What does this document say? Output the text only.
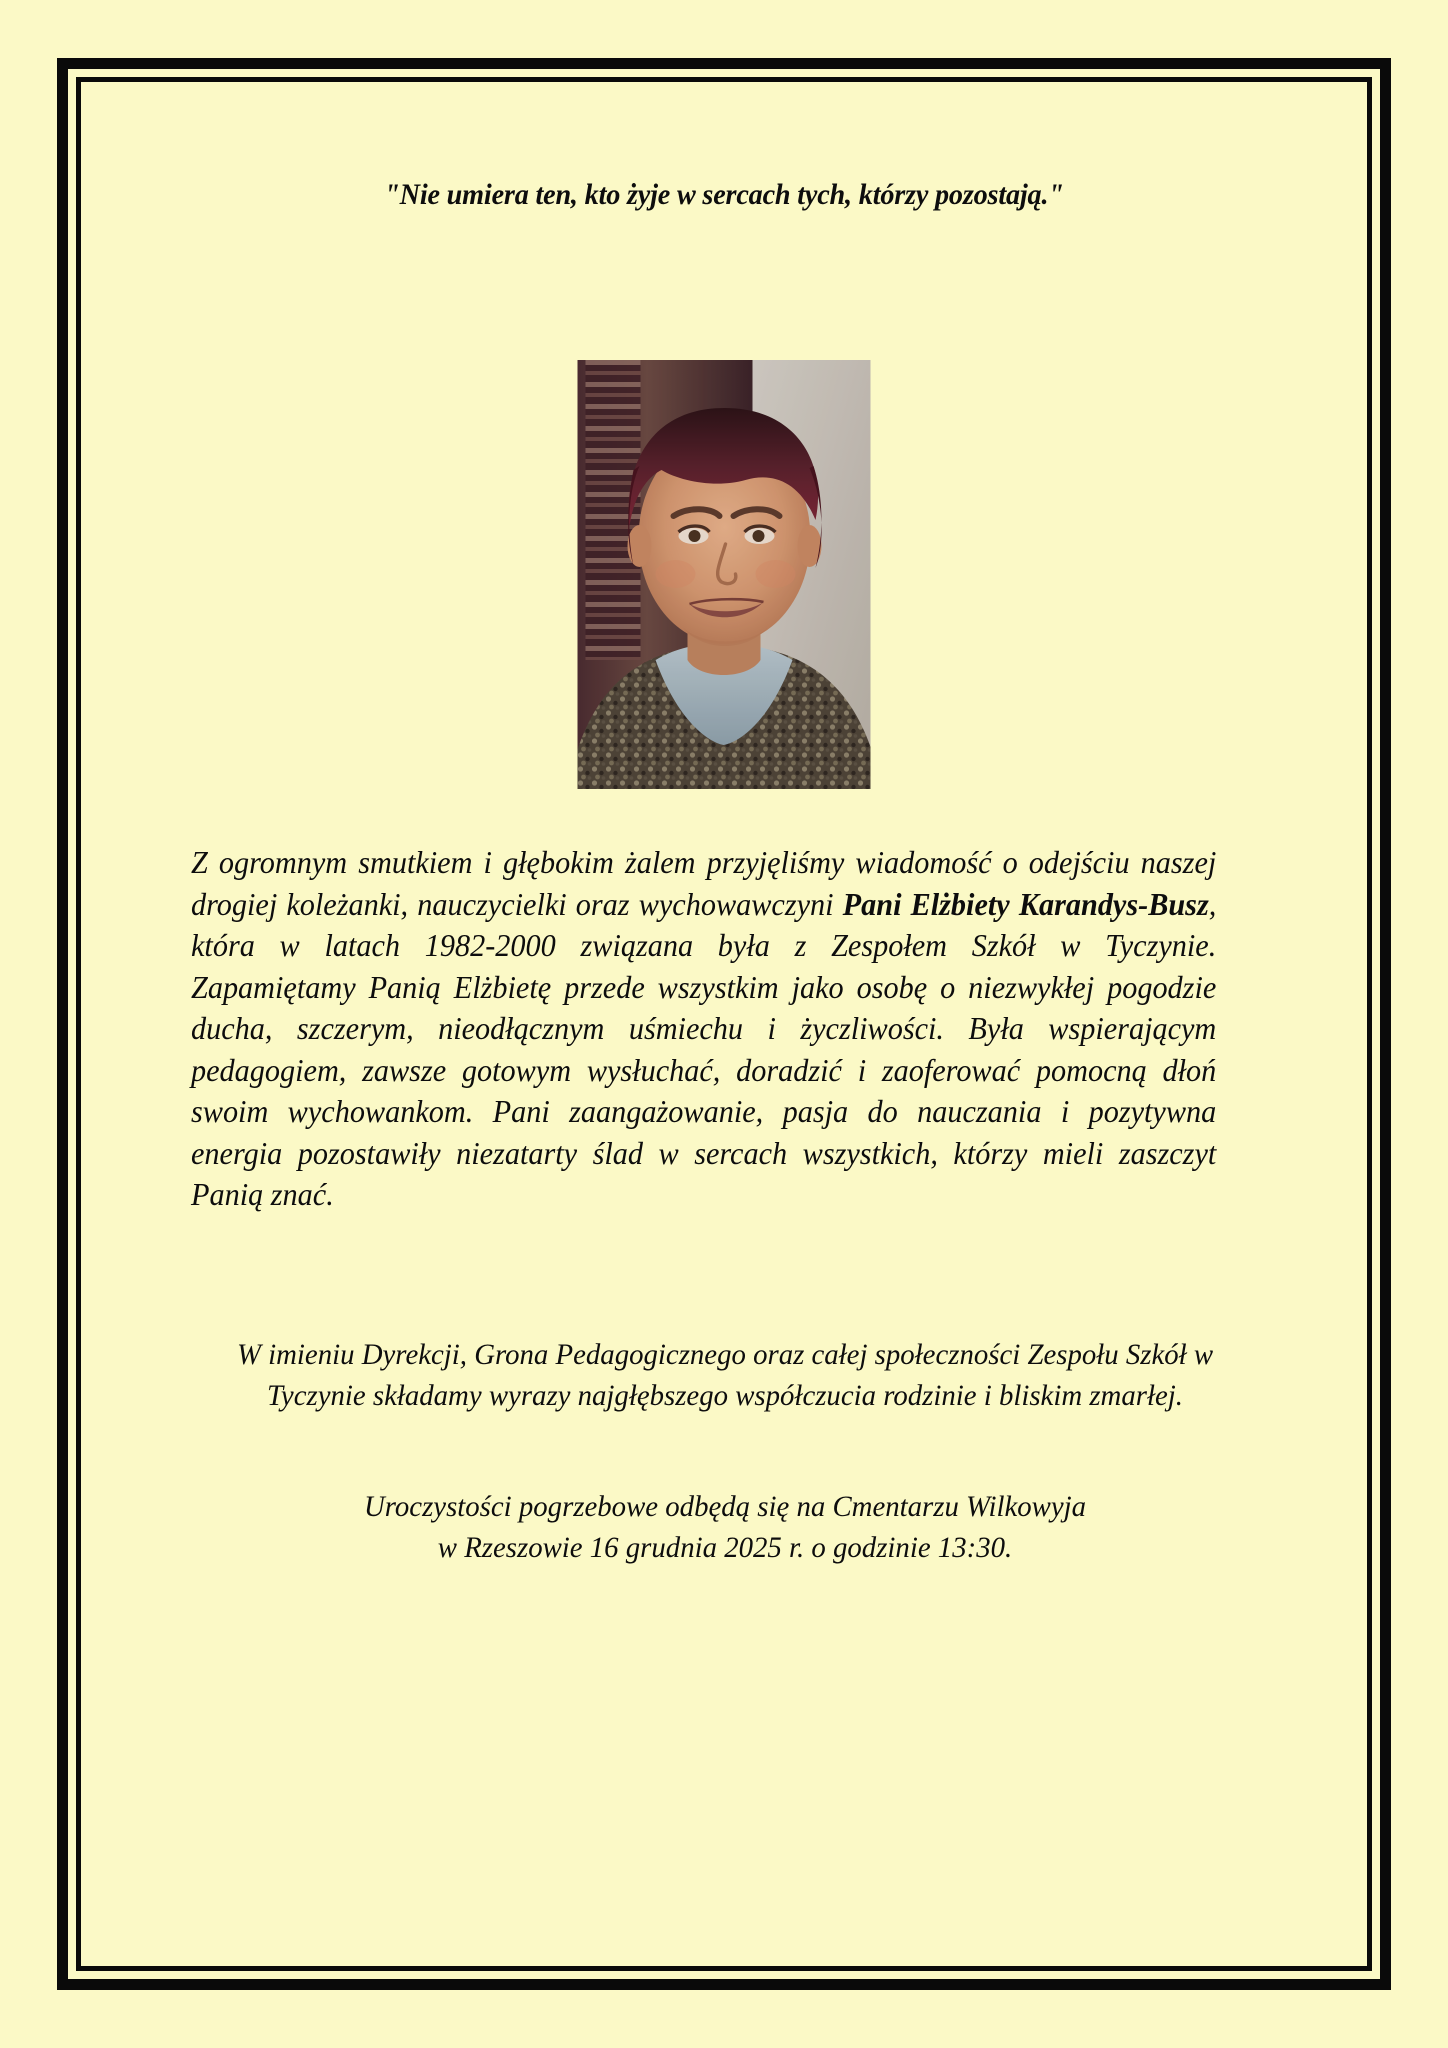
"Nie umiera ten, kto żyje w sercach tych, którzy pozostają."
Z ogromnym smutkiem i głębokim żalem przyjęliśmy wiadomość o odejściu naszej drogiej koleżanki, nauczycielki oraz wychowawczyni Pani Elżbiety Karandys-Busz, która w latach 1982-2000 związana była z Zespołem Szkół w Tyczynie. Zapamiętamy Panią Elżbietę przede wszystkim jako osobę o niezwykłej pogodzie ducha, szczerym, nieodłącznym uśmiechu i życzliwości. Była wspierającym pedagogiem, zawsze gotowym wysłuchać, doradzić i zaoferować pomocną dłoń swoim wychowankom. Pani zaangażowanie, pasja do nauczania i pozytywna energia pozostawiły niezatarty ślad w sercach wszystkich, którzy mieli zaszczyt Panią znać.
W imieniu Dyrekcji, Grona Pedagogicznego oraz całej społeczności Zespołu Szkół w Tyczynie składamy wyrazy najgłębszego współczucia rodzinie i bliskim zmarłej.
Uroczystości pogrzebowe odbędą się na Cmentarzu Wilkowyja
w Rzeszowie 16 grudnia 2025 r. o godzinie 13:30.
